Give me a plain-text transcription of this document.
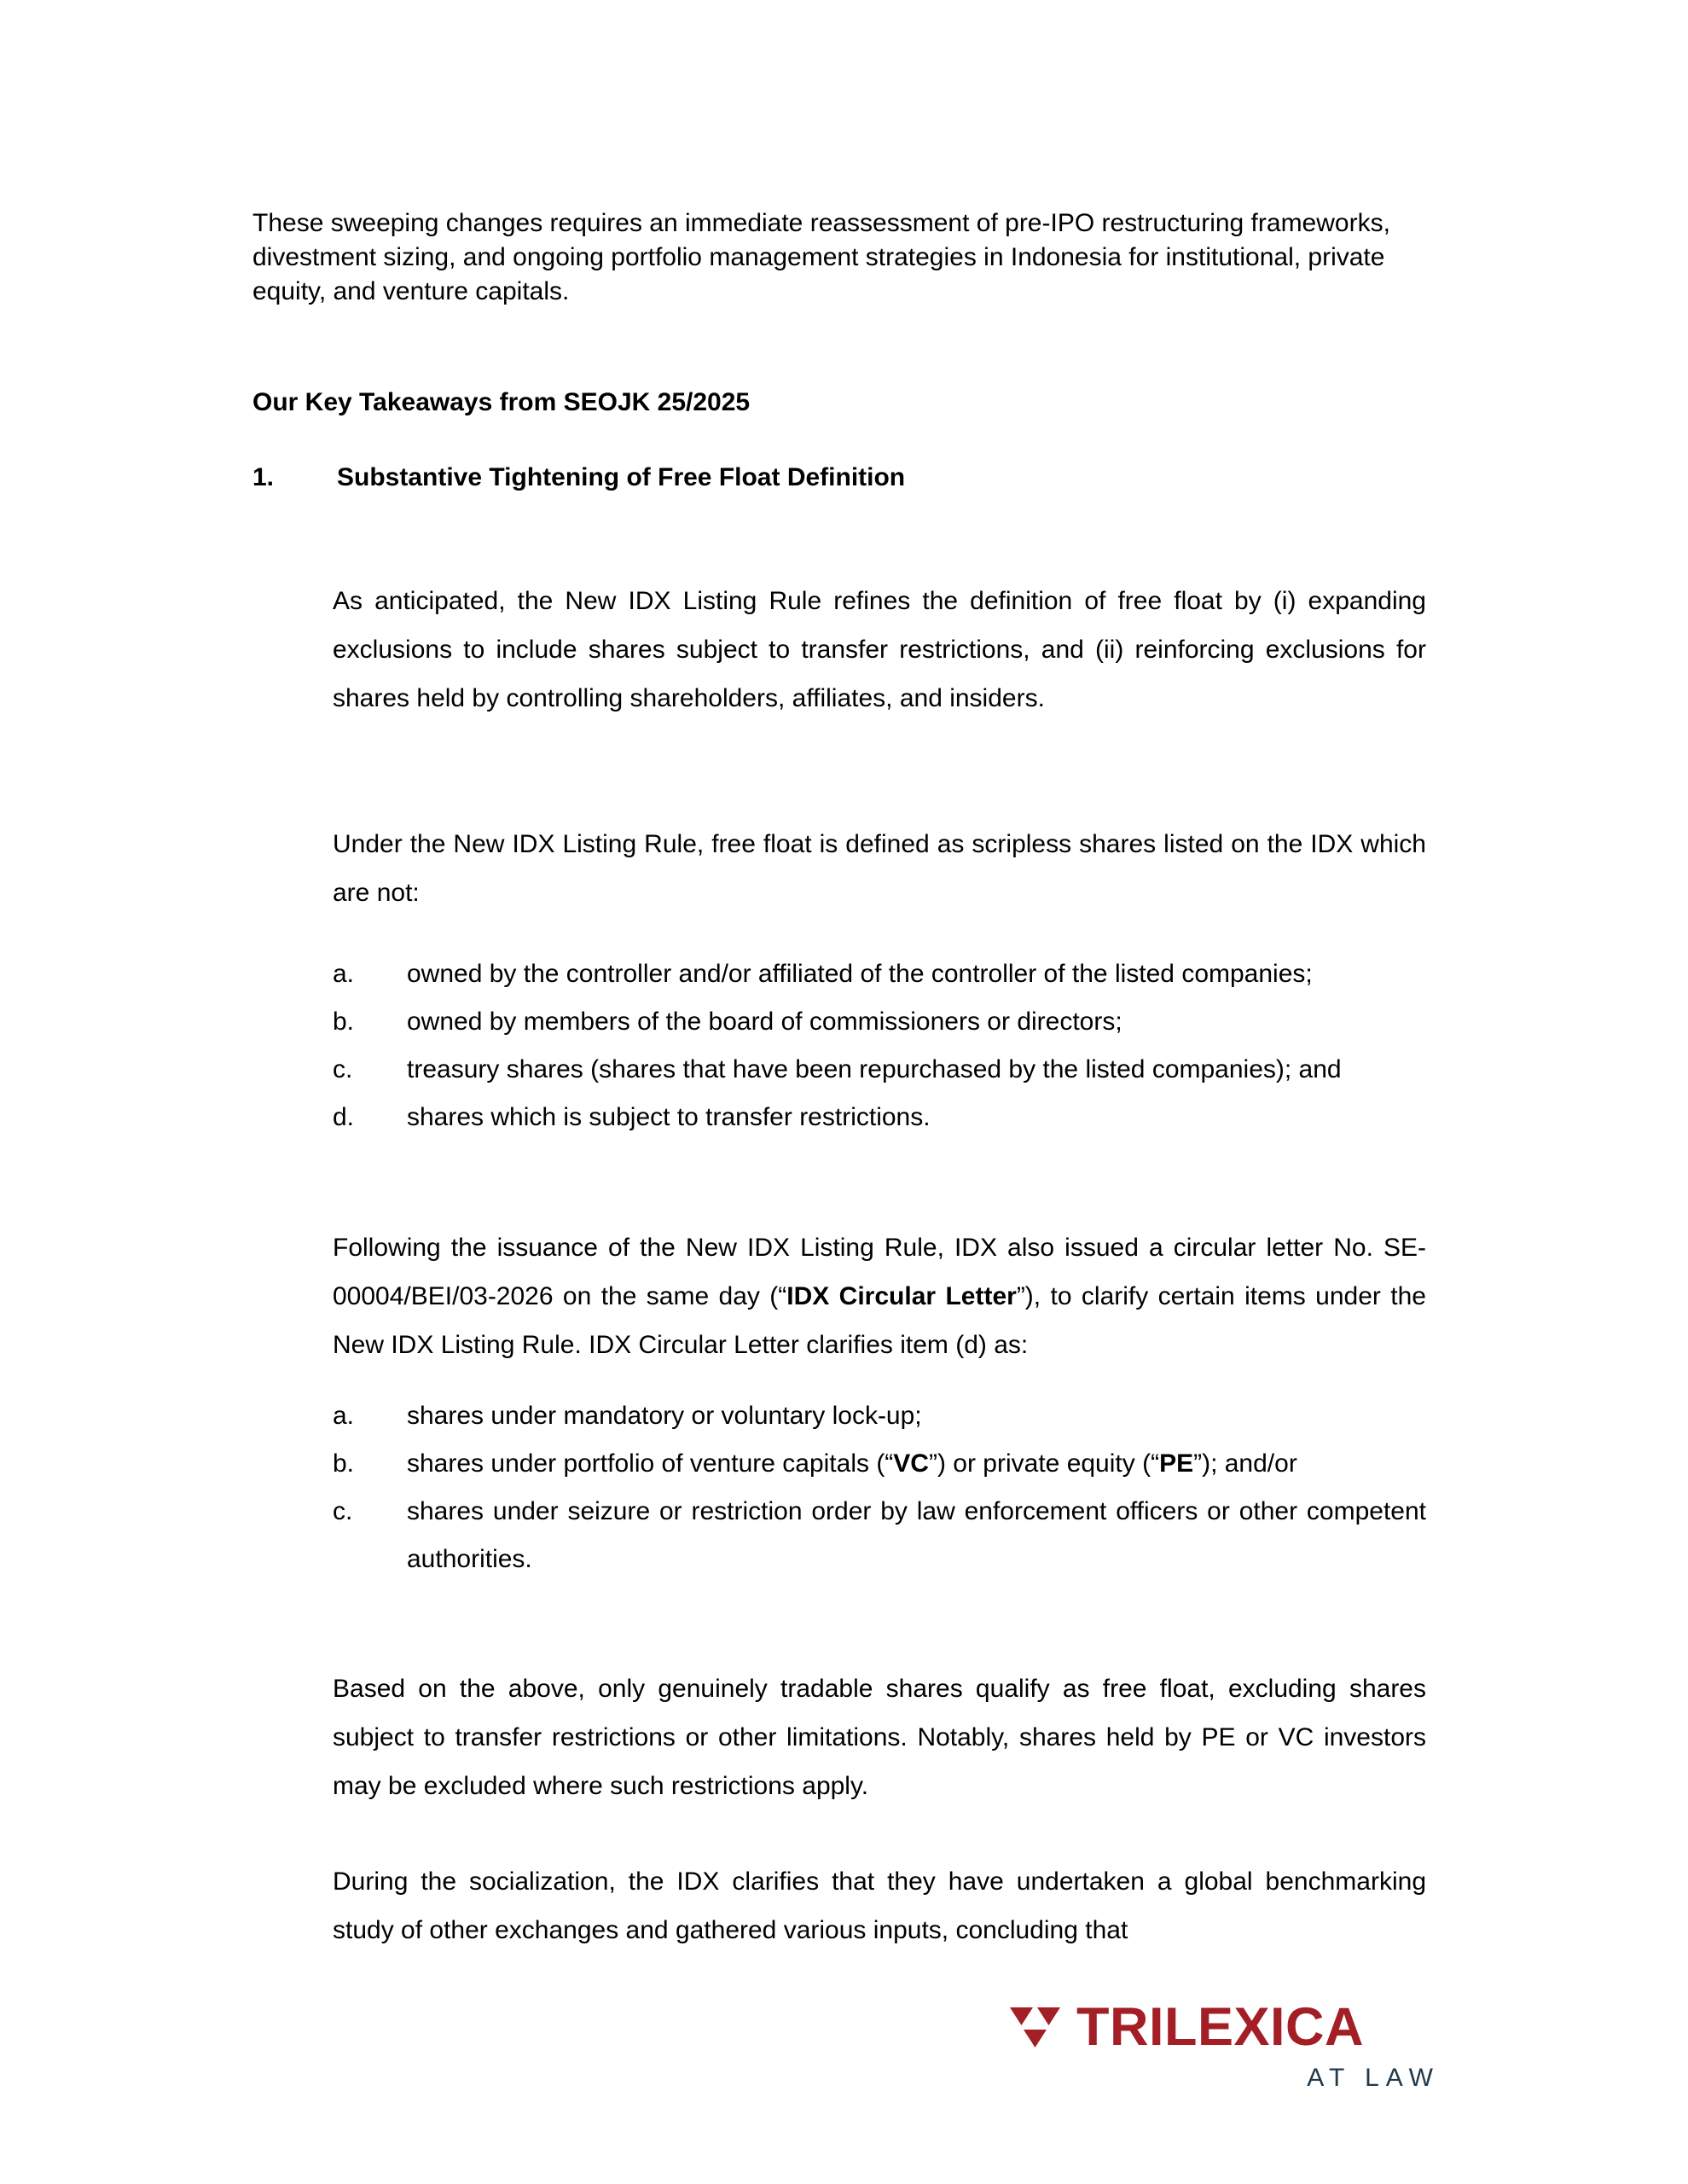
These sweeping changes requires an immediate reassessment of pre-IPO restructuring frameworks, divestment sizing, and ongoing portfolio management strategies in Indonesia for institutional, private equity, and venture capitals.

Our Key Takeaways from SEOJK 25/2025
1.	Substantive Tightening of Free Float Definition

As anticipated, the New IDX Listing Rule refines the definition of free float by (i) expanding exclusions to include shares subject to transfer restrictions, and (ii) reinforcing exclusions for shares held by controlling shareholders, affiliates, and insiders.

Under the New IDX Listing Rule, free float is defined as scripless shares listed on the IDX which are not:

a.	owned by the controller and/or affiliated of the controller of the listed companies;
b.	owned by members of the board of commissioners or directors;
c.	treasury shares (shares that have been repurchased by the listed companies); and
d.	shares which is subject to transfer restrictions.

Following the issuance of the New IDX Listing Rule, IDX also issued a circular letter No. SE-00004/BEI/03-2026 on the same day (“IDX Circular Letter”), to clarify certain items under the New IDX Listing Rule. IDX Circular Letter clarifies item (d) as:

a.	shares under mandatory or voluntary lock-up;
b.	shares under portfolio of venture capitals (“VC”) or private equity (“PE”); and/or
c.	shares under seizure or restriction order by law enforcement officers or other competent authorities.

Based on the above, only genuinely tradable shares qualify as free float, excluding shares subject to transfer restrictions or other limitations. Notably, shares held by PE or VC investors may be excluded where such restrictions apply.

During the socialization, the IDX clarifies that they have undertaken a global benchmarking study of other exchanges and gathered various inputs, concluding that

TRILEXICA
AT LAW
